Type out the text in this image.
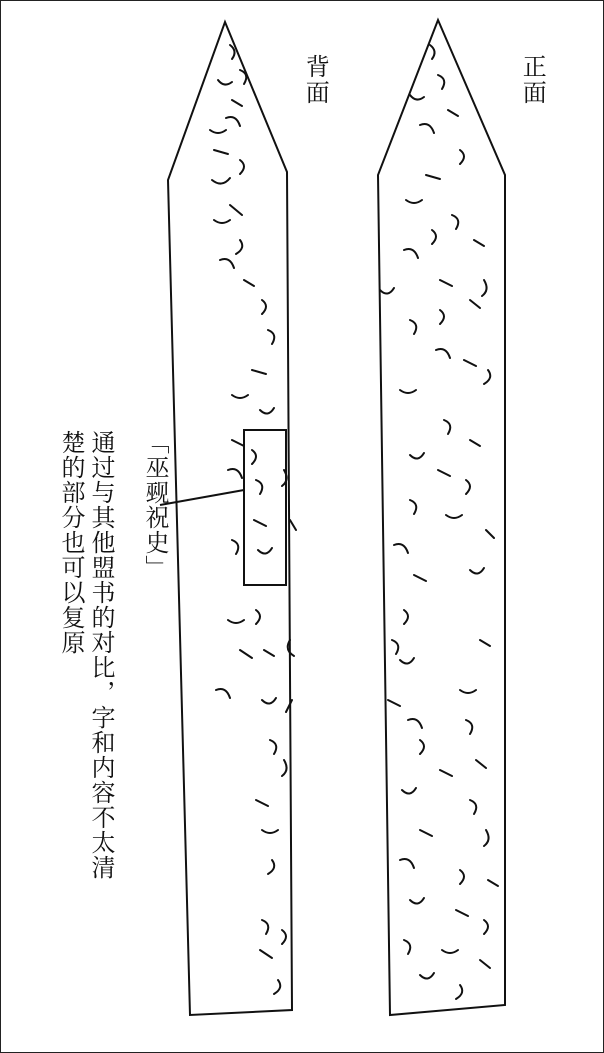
背面	正面
「巫觋祝史」
通过与其他盟书的对比，字和内容不太清楚的部分也可以复原
